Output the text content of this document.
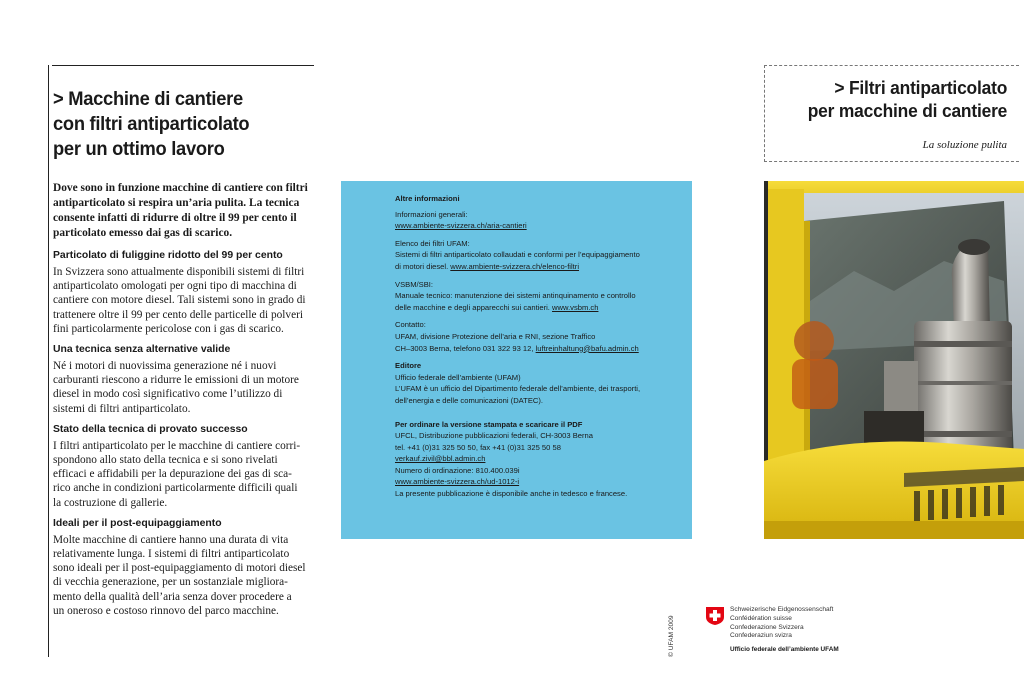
> Macchine di cantiere
con filtri antiparticolato
per un ottimo lavoro

Dove sono in funzione macchine di cantiere con filtri
antiparticolato si respira un’aria pulita. La tecnica
consente infatti di ridurre di oltre il 99 per cento il
particolato emesso dai gas di scarico.

Particolato di fuliggine ridotto del 99 per cento

In Svizzera sono attualmente disponibili sistemi di filtri
antiparticolato omologati per ogni tipo di macchina di
cantiere con motore diesel. Tali sistemi sono in grado di
trattenere oltre il 99 per cento delle particelle di polveri
fini particolarmente pericolose con i gas di scarico.

Una tecnica senza alternative valide

Né i motori di nuovissima generazione né i nuovi
carburanti riescono a ridurre le emissioni di un motore
diesel in modo così significativo come l’utilizzo di
sistemi di filtri antiparticolato.

Stato della tecnica di provato successo

I filtri antiparticolato per le macchine di cantiere corri-
spondono allo stato della tecnica e si sono rivelati
efficaci e affidabili per la depurazione dei gas di sca-
rico anche in condizioni particolarmente difficili quali
la costruzione di gallerie.

Ideali per il post-equipaggiamento

Molte macchine di cantiere hanno una durata di vita
relativamente lunga. I sistemi di filtri antiparticolato
sono ideali per il post-equipaggiamento di motori diesel
di vecchia generazione, per un sostanziale migliora-
mento della qualità dell’aria senza dover procedere a
un oneroso e costoso rinnovo del parco macchine.

Altre informazioni
Informazioni generali:
www.ambiente-svizzera.ch/aria-cantieri
Elenco dei filtri UFAM:
Sistemi di filtri antiparticolato collaudati e conformi per l’equipaggiamento
di motori diesel. www.ambiente-svizzera.ch/elenco-filtri
VSBM/SBI:
Manuale tecnico: manutenzione dei sistemi antinquinamento e controllo
delle macchine e degli apparecchi sui cantieri. www.vsbm.ch
Contatto:
UFAM, divisione Protezione dell’aria e RNI, sezione Traffico
CH–3003 Berna, telefono 031 322 93 12, luftreinhaltung@bafu.admin.ch
Editore
Ufficio federale dell’ambiente (UFAM)
L’UFAM è un ufficio del Dipartimento federale dell’ambiente, dei trasporti,
dell’energia e delle comunicazioni (DATEC).
Per ordinare la versione stampata e scaricare il PDF
UFCL, Distribuzione pubblicazioni federali, CH-3003 Berna
tel. +41 (0)31 325 50 50, fax +41 (0)31 325 50 58
verkauf.zivil@bbl.admin.ch
Numero di ordinazione: 810.400.039i
www.ambiente-svizzera.ch/ud-1012-i
La presente pubblicazione è disponibile anche in tedesco e francese.
© UFAM 2009
> Filtri antiparticolato
per macchine di cantiere
La soluzione pulita
Schweizerische Eidgenossenschaft
Confédération suisse
Confederazione Svizzera
Confederaziun svizra
Ufficio federale dell’ambiente UFAM
